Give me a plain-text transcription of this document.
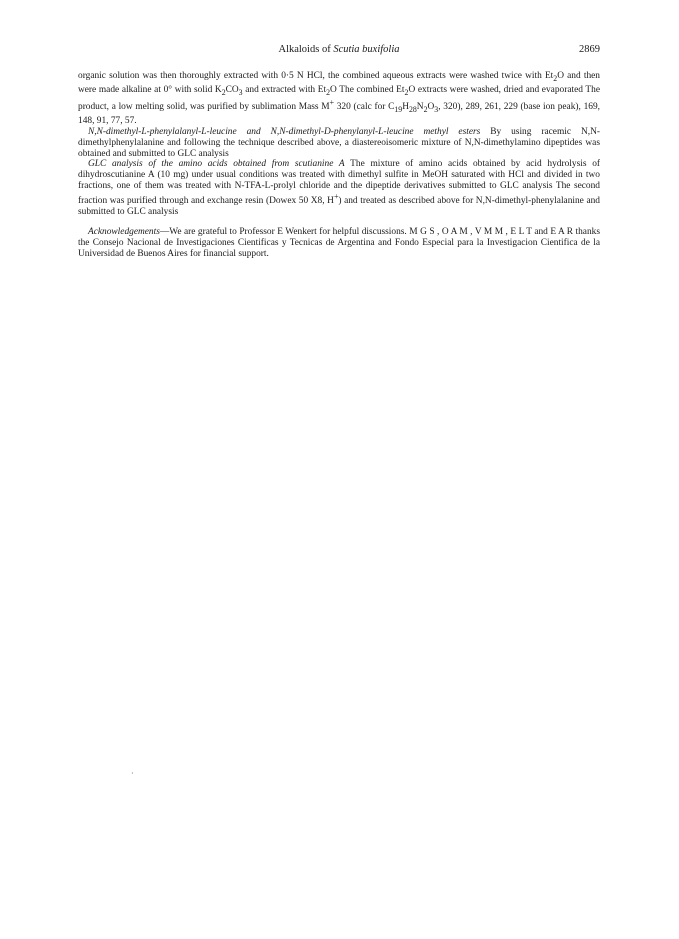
Alkaloids of Scutia buxifolia	2869

organic solution was then thoroughly extracted with 0·5 N HCl, the combined aqueous extracts were washed twice with $Et_2O$ and then were made alkaline at 0° with solid $K_2CO_3$ and extracted with $Et_2O$ The combined $Et_2O$ extracts were washed, dried and evaporated The product, a low melting solid, was purified by sublimation Mass M+ 320 (calc for $C_{19}H_{28}N_2O_3$, 320), 289, 261, 229 (base ion peak), 169, 148, 91, 77, 57.

N,N-dimethyl-L-phenylalanyl-L-leucine and N,N-dimethyl-D-phenylanyl-L-leucine methyl esters By using racemic N,N-dimethylphenylalanine and following the technique described above, a diastereoisomeric mixture of N,N-dimethylamino dipeptides was obtained and submitted to GLC analysis

GLC analysis of the amino acids obtained from scutianine A The mixture of amino acids obtained by acid hydrolysis of dihydroscutianine A (10 mg) under usual conditions was treated with dimethyl sulfite in MeOH saturated with HCl and divided in two fractions, one of them was treated with N-TFA-L-prolyl chloride and the dipeptide derivatives submitted to GLC analysis The second fraction was purified through and exchange resin (Dowex 50 X8, H+) and treated as described above for N,N-dimethyl-phenylalanine and submitted to GLC analysis

Acknowledgements—We are grateful to Professor E Wenkert for helpful discussions. M G S , O A M , V M M , E L T and E A R thanks the Consejo Nacional de Investigaciones Cientificas y Tecnicas de Argentina and Fondo Especial para la Investigacion Cientifica de la Universidad de Buenos Aires for financial support.

·
